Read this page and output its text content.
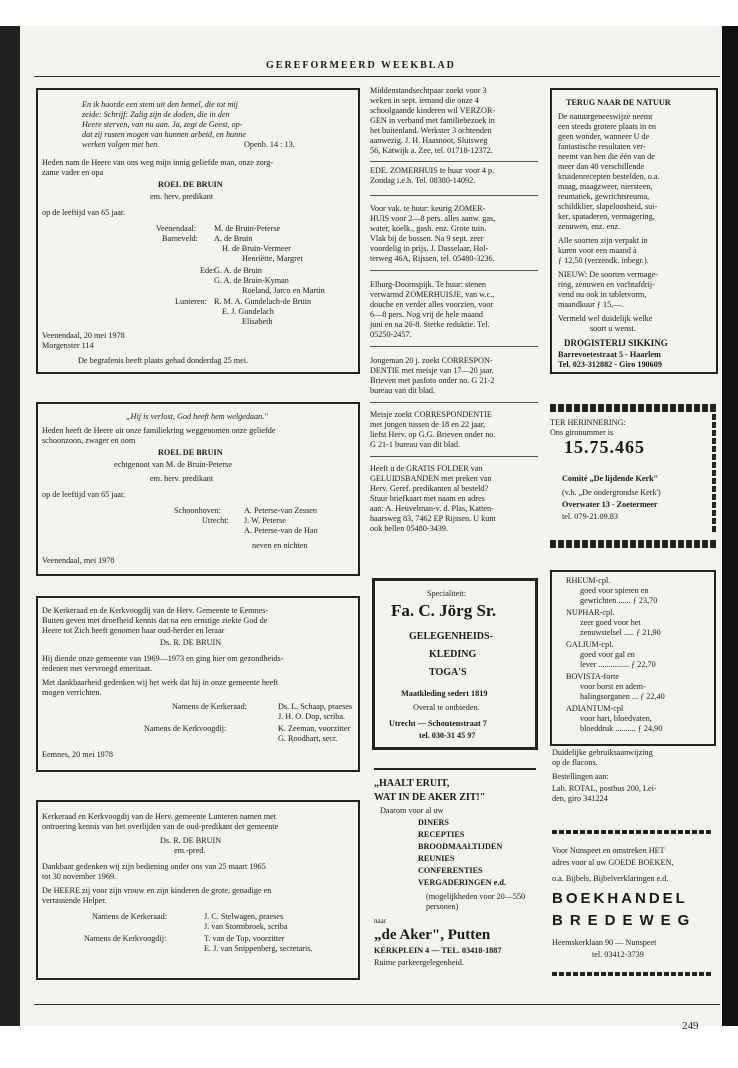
GEREFORMEERD WEEKBLAD
249
En ik hoorde een stem uit den hemel, die tot mij
zeide: Schrijf: Zalig zijn de doden, die in den
Heere sterven, van nu aan. Ja, zegt de Geest, op-
dat zij rusten mogen van hunnen arbeid, en hunne
werken volgen met hen.	Openb. 14 : 13.
Heden nam de Heere van ons weg mijn innig geliefde man, onze zorg-
zame vader en opa
ROEL DE BRUIN
em. herv. predikant
op de leeftijd van 65 jaar.
Veenendaal:
Barneveld:
Ede:
Lunteren:
M. de Bruin-Peterse
A. de Bruin
H. de Bruin-Vermeer
Henriëtte, Margret
G. A. de Bruin
G. A. de Bruin-Kyman
Roeland, Jarco en Martin
R. M. A. Gundelach-de Bruin
E. J. Gundelach
Elisabeth
Veenendaal, 20 mei 1978
Morgenster 114
De begrafenis heeft plaats gehad donderdag 25 mei.
„Hij is verlost, God heeft hem welgedaan."
Heden heeft de Heere uit onze familiekring weggenomen onze geliefde
schoonzoon, zwager en oom
ROEL DE BRUIN
echtgenoot van M. de Bruin-Peterse
em. herv. predikant
op de leeftijd van 65 jaar.
Schoonhoven:
Utrecht:
A. Peterse-van Zessen
J. W. Peterse
A. Peterse-van de Han
neven en nichten
Veenendaal, mei 1978
De Kerkeraad en de Kerkvoogdij van de Herv. Gemeente te Eemnes-
Buiten geven met droefheid kennis dat na een ernstige ziekte God de
Heere tot Zich heeft genomen haar oud-herder en leraar
Ds. R. DE BRUIN
Hij diende onze gemeente van 1969—1973 en ging hier om gezondheids-
redenen met vervroegd emeritaat.
Met dankbaarheid gedenken wij het werk dat hij in onze gemeente heeft
mogen verrichten.
Namens de Kerkeraad:
Namens de Kerkvoogdij:
Ds. L. Schaap, praeses
J. H. O. Dop, scriba.
K. Zeeman, voorzitter
G. Roodhart, secr.
Eemnes, 20 mei 1978
Kerkeraad en Kerkvoogdij van de Herv. gemeente Lunteren namen met
ontroering kennis van het overlijden van de oud-predikant der gemeente
Ds. R. DE BRUIN
em.-pred.
Dankbaar gedenken wij zijn bediening onder ons van 25 maart 1965
tot 30 november 1969.
De HEERE zij voor zijn vrouw en zijn kinderen de grote, genadige en
verrassende Helper.
Namens de Kerkeraad:
Namens de Kerkvoogdij:
J. C. Stelwagen, praeses
J. van Stormbroek, scriba
T. van de Top, voorzitter
E. J. van Snippenberg, secretaris.
Middenstandsechtpaar zoekt voor 3
weken in sept. iemand die onze 4
schoolgaande kinderen wil VERZOR-
GEN in verband met familiebezoek in
het buitenland. Werkster 3 ochtenden
aanwezig. J. H. Haasnoot, Sluisweg
56, Katwijk a. Zee, tel. 01718-12372.
EDE. ZOMERHUIS te huur voor 4 p.
Zondag i.e.h. Tel. 08380-14092.
Voor vak. te huur: keurig ZOMER-
HUIS voor 2—8 pers. alles aanw. gas,
water, koelk., gash. enz. Grote tuin.
Vlak bij de bossen. Na 9 sept. zeer
voordelig in prijs. J. Dasselaar, Hol-
terweg 46A, Rijssen, tel. 05480-3236.
Elburg-Doornspijk. Te huur: stenen
verwarmd ZOMERHUISJE, van w.c.,
douche en verder alles voorzien, voor
6—8 pers. Nog vrij de hele maand
juni en na 26-8. Sterke reduktie. Tel.
05250-2457.
Jongeman 20 j. zoekt CORRESPON-
DENTIE met meisje van 17—20 jaar.
Brieven met pasfoto onder no. G 21-2
bureau van dit blad.
Meisje zoekt CORRESPONDENTIE
met jongen tussen de 18 en 22 jaar,
liefst Herv. op G.G. Brieven onder no.
G 21-1 bureau van dit blad.
Heeft u de GRATIS FOLDER van
GELUIDSBANDEN met preken van
Herv. Geref. predikanten al besteld?
Stuur briefkaart met naam en adres
aan: A. Heuvelman-v. d. Plas, Katten-
haarsweg 83, 7462 EP Rijssen. U kunt
ook bellen 05480-3439.
Specialiteit:
Fa. C. Jörg Sr.
GELEGENHEIDS-
KLEDING
TOGA'S
Maatkleding sedert 1819
Overal te ontbieden.
Utrecht — Schoutenstraat 7
tel. 030-31 45 97
„HAALT ERUIT,
WAT IN DE AKER ZIT!"
Daarom voor al uw
DINERS
RECEPTIES
BROODMAALTIJDEN
REUNIES
CONFERENTIES
VERGADERINGEN e.d.
(mogelijkheden voor 20—550
personen)
naar
„de Aker", Putten
KERKPLEIN 4 — TEL. 03418-1887
Ruime parkeergelegenheid.
TERUG NAAR DE NATUUR
De natuurgeneeswijze neemt
een steeds grotere plaats in en
geen wonder, wanneer U de
fantastische resultaten ver-
neemt van hen die één van de
meer dan 40 verschillende
kruidenrecepten bestelden, o.a.
maag, maagzweer, niersteen,
reumatiek, gewrichtsreuma,
schildklier, slapeloosheid, sui-
ker, spataderen, vermagering,
zenuwen, enz. enz.
Alle soorten zijn verpakt in
kuren voor een maand à
ƒ 12,50 (verzendk. inbegr.).
NIEUW: De soorten vermage-
ring, zenuwen en vochtafdrij-
vend nu ook in tabletvorm,
maandkuur ƒ 15,—.
Vermeld wel duidelijk welke
soort u wenst.
DROGISTERIJ SIKKING
Barrevoetestraat 5 - Haarlem
Tel. 023-312882 - Giro 190609
TER HERINNERING:
Ons gironummer is
15.75.465
Comité „De lijdende Kerk"
(v.h. „De ondergrondse Kerk')
Overwater 13 - Zoetermeer
tel. 079-21.09.83
RHEUM-cpl.
goed voor spieren en
gewrichten ...... ƒ 23,70
NUPHAR-cpl.
zeer goed voor het
zenuwstelsel ..... ƒ 21,90
GALIUM-cpl.
goed voor gal en
lever ............... ƒ 22,70
BOVISTA-forte
voor borst en adem-
halingsorganen ... ƒ 22,40
ADIANTUM-cpl
voor hart, bloedvaten,
bloeddruk .......... ƒ 24,90
Duidelijke gebruiksaanwijzing
op de flacons.
Bestellingen aan:
Lab. ROTAL, postbus 200, Lei-
den, giro 341224
Voor Nunspeet en omstreken HET
adres voor al uw GOEDE BOEKEN,
o.a. Bijbels, Bijbelverklaringen e.d.
BOEKHANDEL
BREDEWEG
Heemskerklaan 90 — Nunspeet
tel. 03412-3739
